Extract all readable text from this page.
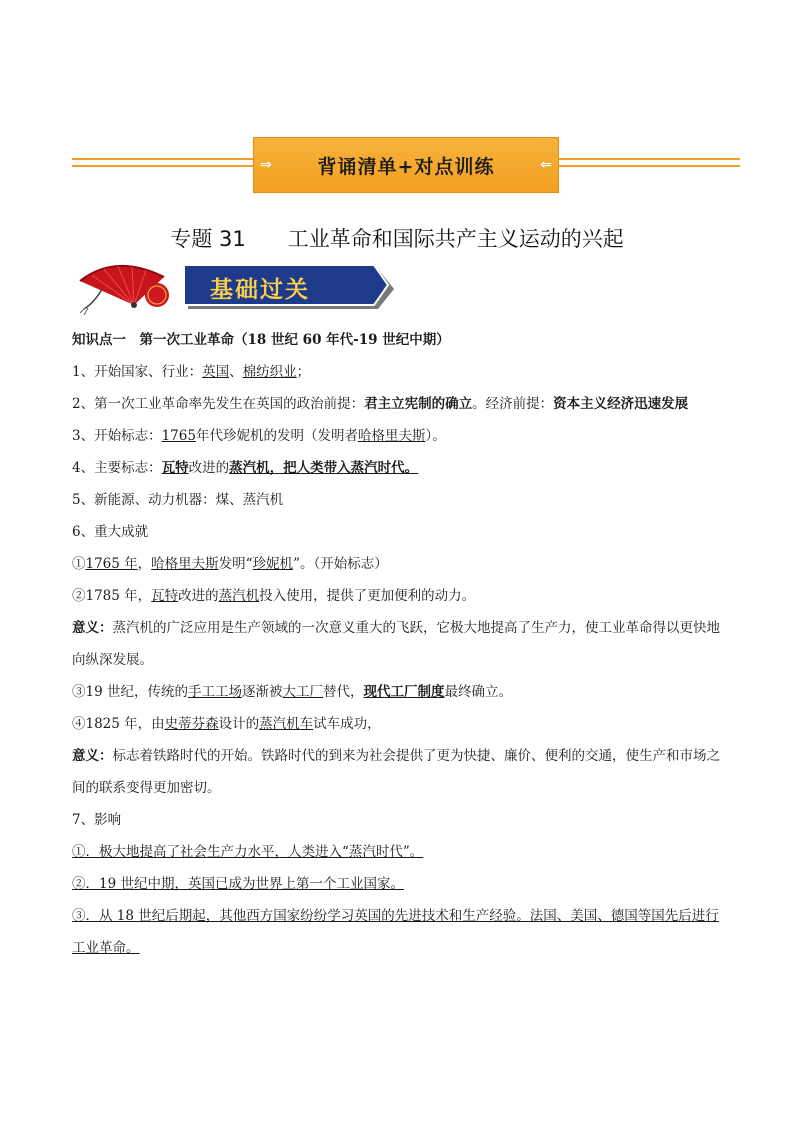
⇒ 背诵清单+对点训练	⇐
专题 31　　工业革命和国际共产主义运动的兴起
基础过关

知识点一　第一次工业革命（18 世纪 60 年代-19 世纪中期）

1、开始国家、行业：英国、棉纺织业；

2、第一次工业革命率先发生在英国的政治前提：君主立宪制的确立。经济前提：资本主义经济迅速发展

3、开始标志：1765年代珍妮机的发明（发明者哈格里夫斯）。

4、主要标志：瓦特改进的蒸汽机，把人类带入蒸汽时代。

5、新能源、动力机器：煤、蒸汽机

6、重大成就

①1765 年，哈格里夫斯发明“珍妮机”。（开始标志）

②1785 年，瓦特改进的蒸汽机投入使用，提供了更加便利的动力。

意义：蒸汽机的广泛应用是生产领域的一次意义重大的飞跃，它极大地提高了生产力，使工业革命得以更快地向纵深发展。

③19 世纪，传统的手工工场逐渐被大工厂替代，现代工厂制度最终确立。

④1825 年，由史蒂芬森设计的蒸汽机车试车成功，

意义：标志着铁路时代的开始。铁路时代的到来为社会提供了更为快捷、廉价、便利的交通，使生产和市场之间的联系变得更加密切。

7、影响

①．极大地提高了社会生产力水平，人类进入“蒸汽时代”。

②．19 世纪中期，英国已成为世界上第一个工业国家。

③．从 18 世纪后期起，其他西方国家纷纷学习英国的先进技术和生产经验。法国、美国、德国等国先后进行工业革命。
